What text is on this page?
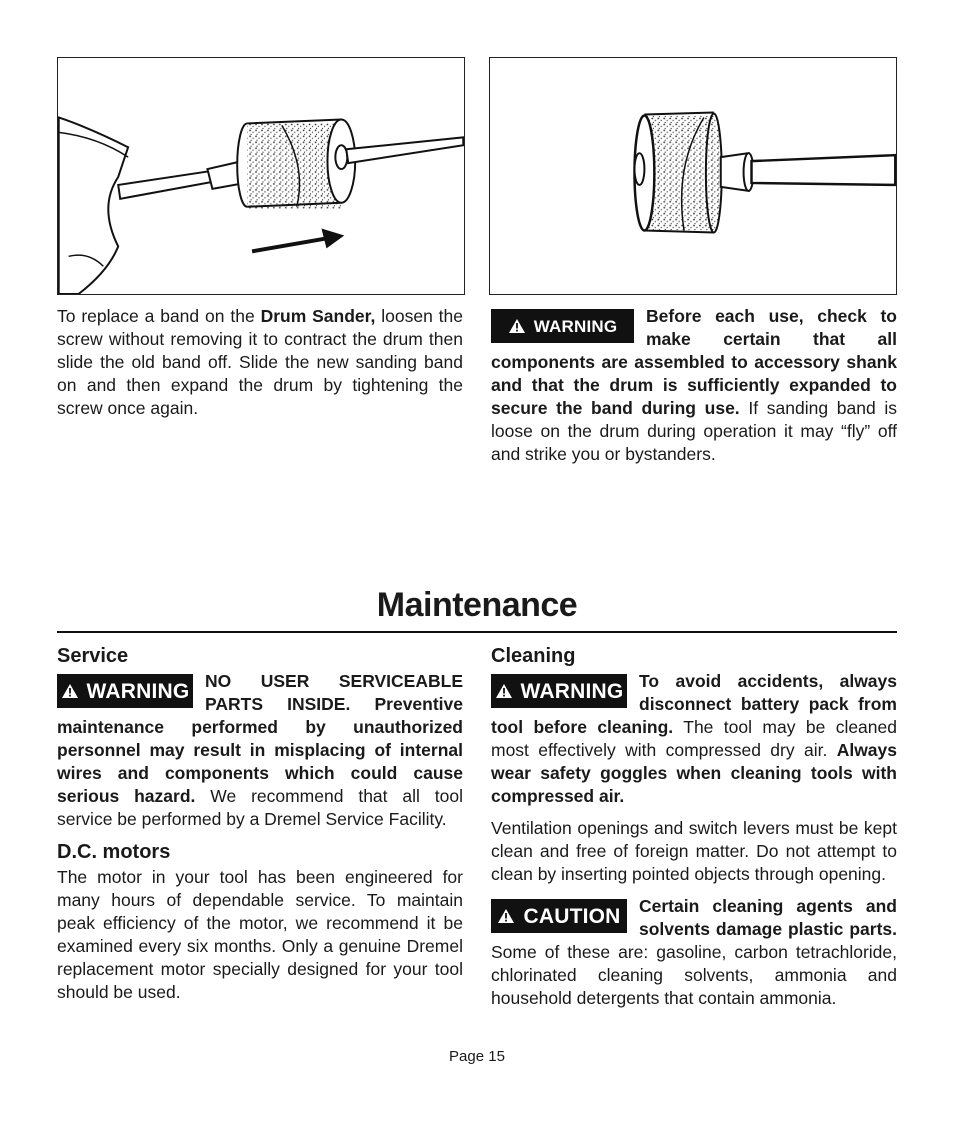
To replace a band on the Drum Sander, loosen the screw without removing it to contract the drum then slide the old band off. Slide the new sanding band on and then expand the drum by tightening the screw once again.

WARNING	Before each use, check to make certain that all components are assembled to accessory shank and that the drum is sufficiently expanded to secure the band during use. If sanding band is loose on the drum during operation it may “fly” off and strike you or bystanders.

Maintenance
Service
WARNING NO USER SERVICEABLE PARTS INSIDE. Preventive maintenance performed by unauthorized personnel may result in misplacing of internal wires and components which could cause serious hazard. We recommend that all tool service be performed by a Dremel Service Facility.

D.C. motors

The motor in your tool has been engineered for many hours of dependable service. To maintain peak efficiency of the motor, we recommend it be examined every six months. Only a genuine Dremel replacement motor specially designed for your tool should be used.

Cleaning
WARNING To avoid accidents, always disconnect battery pack from tool before cleaning. The tool may be cleaned most effectively with compressed dry air. Always wear safety goggles when cleaning tools with compressed air.

Ventilation openings and switch levers must be kept clean and free of foreign matter. Do not attempt to clean by inserting pointed objects through opening.

CAUTION	Certain cleaning agents and solvents damage plastic parts. Some of these are: gasoline, carbon tetrachloride, chlorinated cleaning solvents, ammonia and household detergents that contain ammonia.

Page 15
